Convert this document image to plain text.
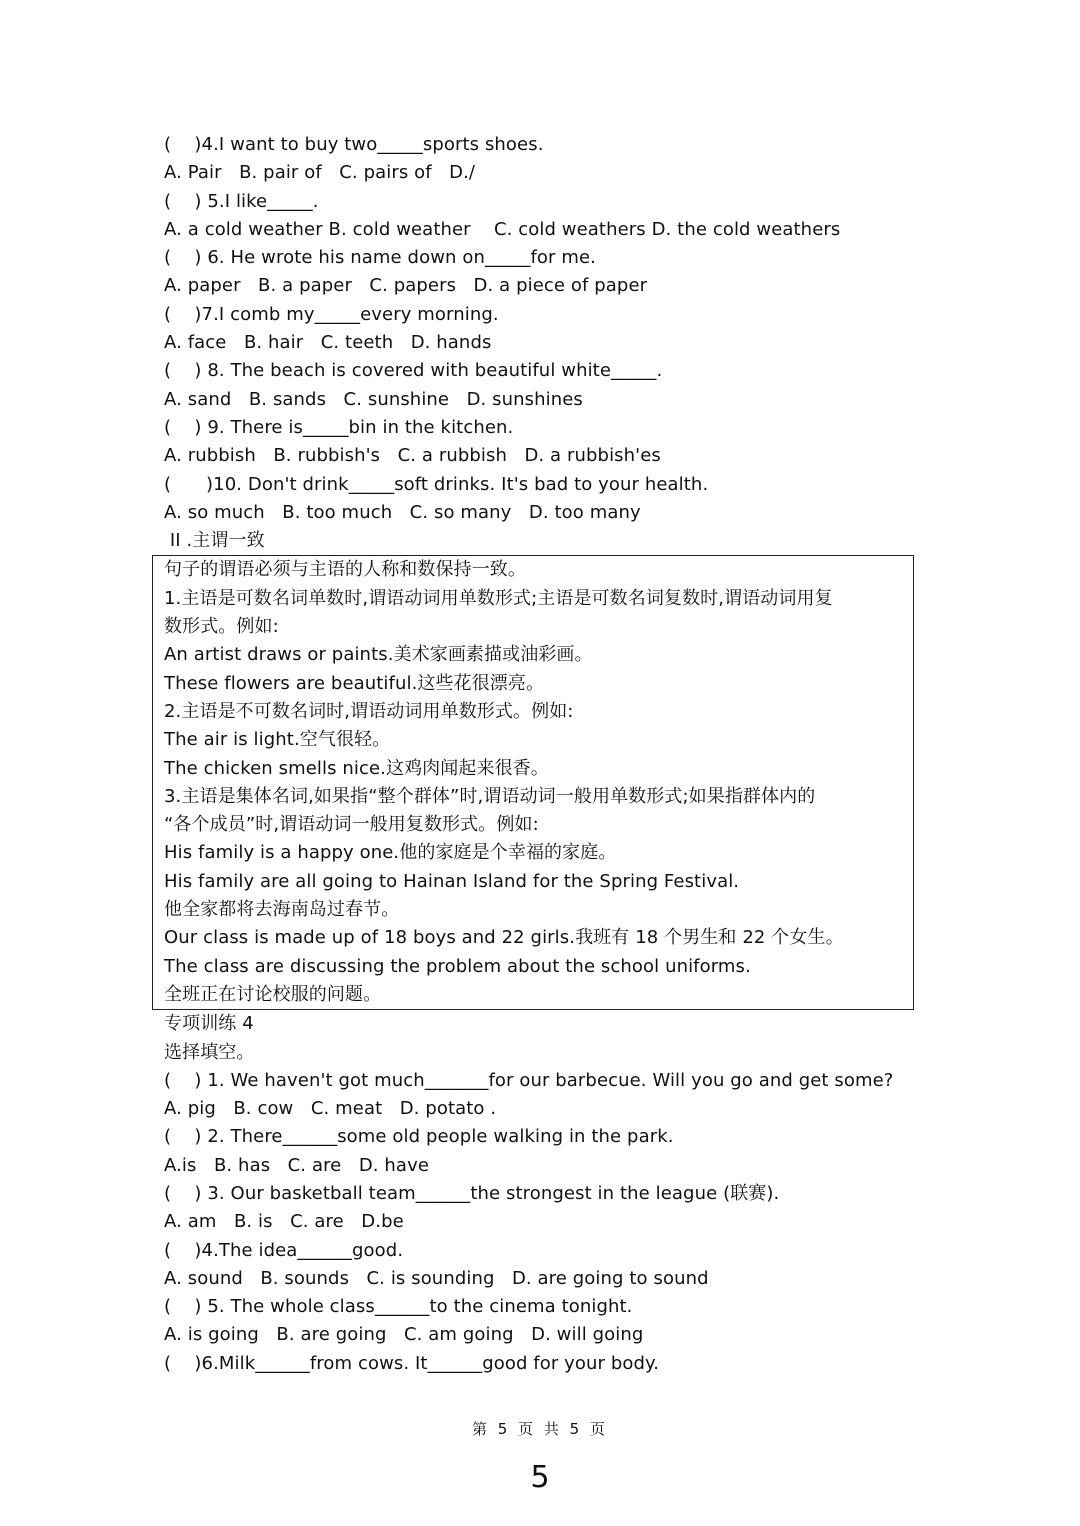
(    )4.I want to buy two_____sports shoes.
A. Pair   B. pair of   C. pairs of   D./
(    ) 5.I like_____.
A. a cold weather B. cold weather    C. cold weathers D. the cold weathers
(    ) 6. He wrote his name down on_____for me.
A. paper   B. a paper   C. papers   D. a piece of paper
(    )7.I comb my_____every morning.
A. face   B. hair   C. teeth   D. hands
(    ) 8. The beach is covered with beautiful white_____.
A. sand   B. sands   C. sunshine   D. sunshines
(    ) 9. There is_____bin in the kitchen.
A. rubbish   B. rubbish's   C. a rubbish   D. a rubbish'es
(      )10. Don't drink_____soft drinks. It's bad to your health.
A. so much   B. too much   C. so many   D. too many
II .主谓一致
句子的谓语必须与主语的人称和数保持一致。
1.主语是可数名词单数时,谓语动词用单数形式;主语是可数名词复数时,谓语动词用复
数形式。例如:
An artist draws or paints.美术家画素描或油彩画。
These flowers are beautiful.这些花很漂亮。
2.主语是不可数名词时,谓语动词用单数形式。例如:
The air is light.空气很轻。
The chicken smells nice.这鸡肉闻起来很香。
3.主语是集体名词,如果指“整个群体”时,谓语动词一般用单数形式;如果指群体内的
“各个成员”时,谓语动词一般用复数形式。例如:
His family is a happy one.他的家庭是个幸福的家庭。
His family are all going to Hainan Island for the Spring Festival.
他全家都将去海南岛过春节。
Our class is made up of 18 boys and 22 girls.我班有 18 个男生和 22 个女生。
The class are discussing the problem about the school uniforms.
全班正在讨论校服的问题。
专项训练 4
选择填空。
(    ) 1. We haven't got much_______for our barbecue. Will you go and get some?
A. pig   B. cow   C. meat   D. potato .
(    ) 2. There______some old people walking in the park.
A.is   B. has   C. are   D. have
(    ) 3. Our basketball team______the strongest in the league (联赛).
A. am   B. is   C. are   D.be
(    )4.The idea______good.
A. sound   B. sounds   C. is sounding   D. are going to sound
(    ) 5. The whole class______to the cinema tonight.
A. is going   B. are going   C. am going   D. will going
(    )6.Milk______from cows. It______good for your body.
第 5 页 共 5 页
5
